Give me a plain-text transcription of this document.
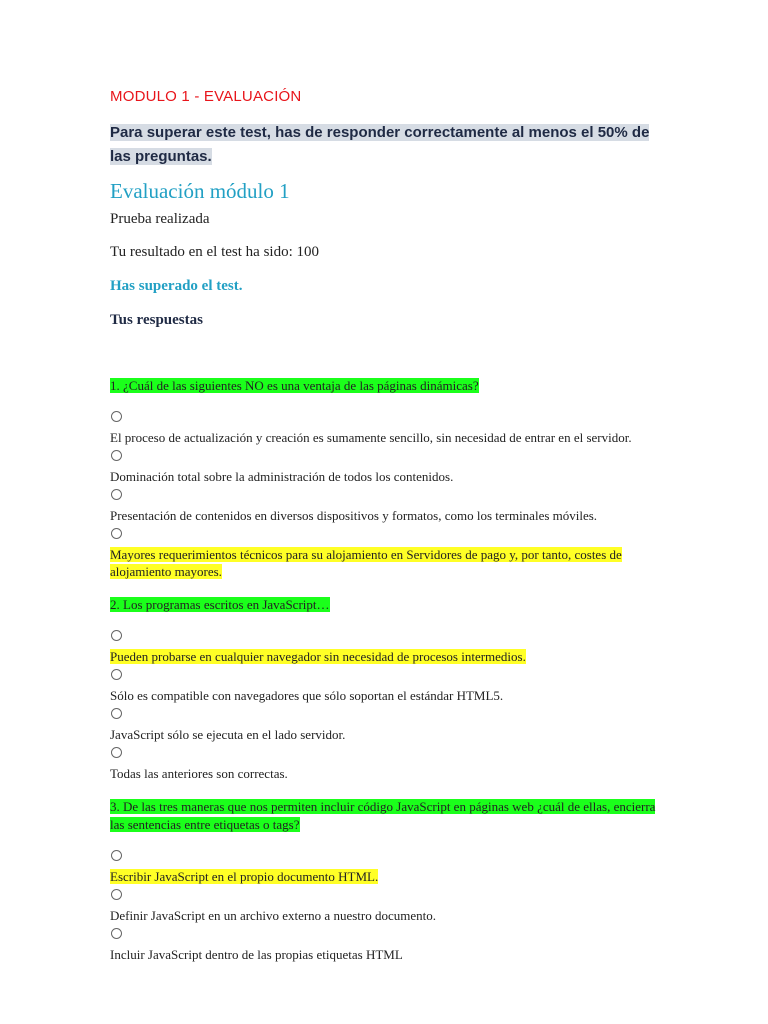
MODULO 1 - EVALUACIÓN
Para superar este test, has de responder correctamente al menos el 50% de las preguntas.
Evaluación módulo 1
Prueba realizada
Tu resultado en el test ha sido: 100
Has superado el test.
Tus respuestas
1. ¿Cuál de las siguientes NO es una ventaja de las páginas dinámicas?
El proceso de actualización y creación es sumamente sencillo, sin necesidad de entrar en el servidor.
Dominación total sobre la administración de todos los contenidos.
Presentación de contenidos en diversos dispositivos y formatos, como los terminales móviles.
Mayores requerimientos técnicos para su alojamiento en Servidores de pago y, por tanto, costes de alojamiento mayores.
2. Los programas escritos en JavaScript…
Pueden probarse en cualquier navegador sin necesidad de procesos intermedios.
Sólo es compatible con navegadores que sólo soportan el estándar HTML5.
JavaScript sólo se ejecuta en el lado servidor.
Todas las anteriores son correctas.
3. De las tres maneras que nos permiten incluir código JavaScript en páginas web ¿cuál de ellas, encierra las sentencias entre etiquetas o tags?
Escribir JavaScript en el propio documento HTML.
Definir JavaScript en un archivo externo a nuestro documento.
Incluir JavaScript dentro de las propias etiquetas HTML
